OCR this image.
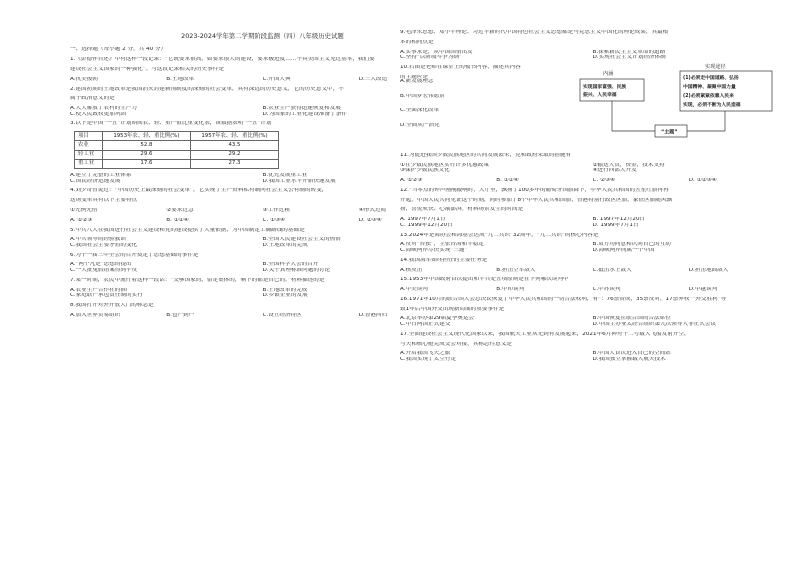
2023-2024学年第二学期阶段监测（四）八年级历史试题
一、选择题（每小题 2 分，共 40 分）
1.《彭德怀自述》中有这样一段记录：“它既要求很高，如要求很大的建设，要求极进度……不具美国主义见过基本，我们要
建设社会主义国家的一种强化”。与这段记录相关的历史事件是
A.抗美援朝	B.土地改革	C.开国大典	D.三大改造
2.建国初期的土地改革是我国消灭封建剥削制度的深刻的社会变革，具有深远的历史意义，它的历史意义中，不
属于政治意义的是
A.大大解放了农村的生产力	B.农业生产获得迅速恢复和发展
C.使人民政权更加巩固	D.为国家的工业化建设准备了条件
3.以下是中国“一五”计划期间农、轻、重产值比重变化表，该数据表明“一五”计划
项目	1953年农、轻、重比例(%)	1957年农、轻、重比例(%)
农业	52.8	43.5
轻工业	29.6	29.2
重工业	17.6	27.3
A.建立了完整的工业体系	B.优先发展重工业
C.国民经济迅速发展	D.我国工业水平开始快速发展
4.刘少奇曾说过：“中国历史上最深刻的社会变革”，它实现了生产资料私有制向社会主义公有制的转变，
这场变革具有以下主要特点
①先例先借	②要求过急	③工作过粗	④形式过简
A. ①②③	B. ①②④	C. ①③④	D. ②③④
5.中共八大在我国进行社会主义建设和党的建设提供了大量依据，为中国制定工确路线的基础是
A.中共领导的经验教训	B.全国人民建设社会主义的热情
C.我国社会主要矛盾的变化	D.土地改革的完成
6.为十一届三中全会的召开奠定了思想基础的事件是
A.“两个凡是”思想的提出	B.全国科学大会的召开
C.一大批冤假错案得到平反	D.关于真理标准问题的讨论
7.某一时期，农民中流行着这样一段话：“交够国家的，留足集体的，剩下的都是自己的。”材料描述的是
A.农业生产合作社的推广	B.土地改革的完成
C.家庭联产承包责任制的实行	D.乡镇企业的发展
8.我国打开对外开放大门的标志是
A.加入世界贸易组织	B.包产到户	C.设立经济特区	D.香港回归
9.毛泽东思想、邓小平理论、习近平新时代中国特色社会主义思想都是马克思主义中国化的理论成果，其最根
本的相同点是
A.实事求是，从中国国情出发	B.探索新民主主义革命的道路
C.坚持“以阶级斗争为纲”	D.实现社会主义计划经济体制
10.右图是老师在课堂上的板书内容，描述其内容
的主题应是
A.新发展理念
B.中国梦宏伟愿景
C.全面深化改革
D.全面从严治党
内涵
实现国家富强、民族
振兴、人民幸福
实现途径
(1)必须走中国道路、弘扬
中国精神、凝聚中国力量
(2)必须紧紧依靠人民来
实现，必须不断为人民造福
“主题”
11.为促进我国少数民族地区的共同发展繁荣，党和政府采取的措施有
①在少数民族地区实行许多优惠政策	②输送人员，资金，技术支持
③保护少数民族文化	④进行西部大开发
A. ①②③	B. ①②④	C. ②③④	D. ①②③④
12.“当零点的钟声刚刚敲响时，大厅里，飘扬了100多年的葡萄牙国旗降下，中华人民共和国的五星红旗冉冉
升起，中国人民共同见证这个时刻，同时参加了8个中华人民共和国旗，香港特别行政区区旗，象征区旗随风飘
扬，喜悦欢快、心潮澎湃。”材料场景发生的时间是
A. 1997年7月1日	B. 1997年12月20日
C. 1999年12月20日	D. 1999年7月1日
13.2024年是海协会和海基会达成“九二共识”32周年，“九二共识”的核心内容是
A.反对“台独”，主张台海和平稳定	B.双方均同意和认同自己的互动
C.海峡两岸尽快实现“三通”	D.海峡两岸同属一个中国
14.我国海军始终担任的主要任务是
A.核反击	B.担击空军敌人	C.抵击水上敌人	D.担击地面敌人
15.1953年中国政府首次提出和平共处五项原则是在下列哪次谈判中
A.中美谈判	B.中印谈判	C.中苏谈判	D.中越谈判
16.1971年10月的联合国大会总决议恢复了中华人民共和国的一切合法权利，有“：76票赞成，35票反对，17票弃权”“外交胜利”导
致1年后中国外交出现新局面的重要事件是
A.北京举办第29届夏季奥运会	B.中国恢复在联合国的合法席位
C.中日两国正式建交	D.中国主办亚太经合组织第九次领导人非正式会议
17.全面建设社会主义现代化国家以来，我国航天工业从无到有发展起来，2021年6月神舟十二号载人飞船发射升空，
与天和核心舱完成交会对接，其标志性意义是
A.开启我国飞天之旅	B.中国人首次进入自己的空间站
C.我国实现了太空行走	D.我国独立掌握载人航天技术
